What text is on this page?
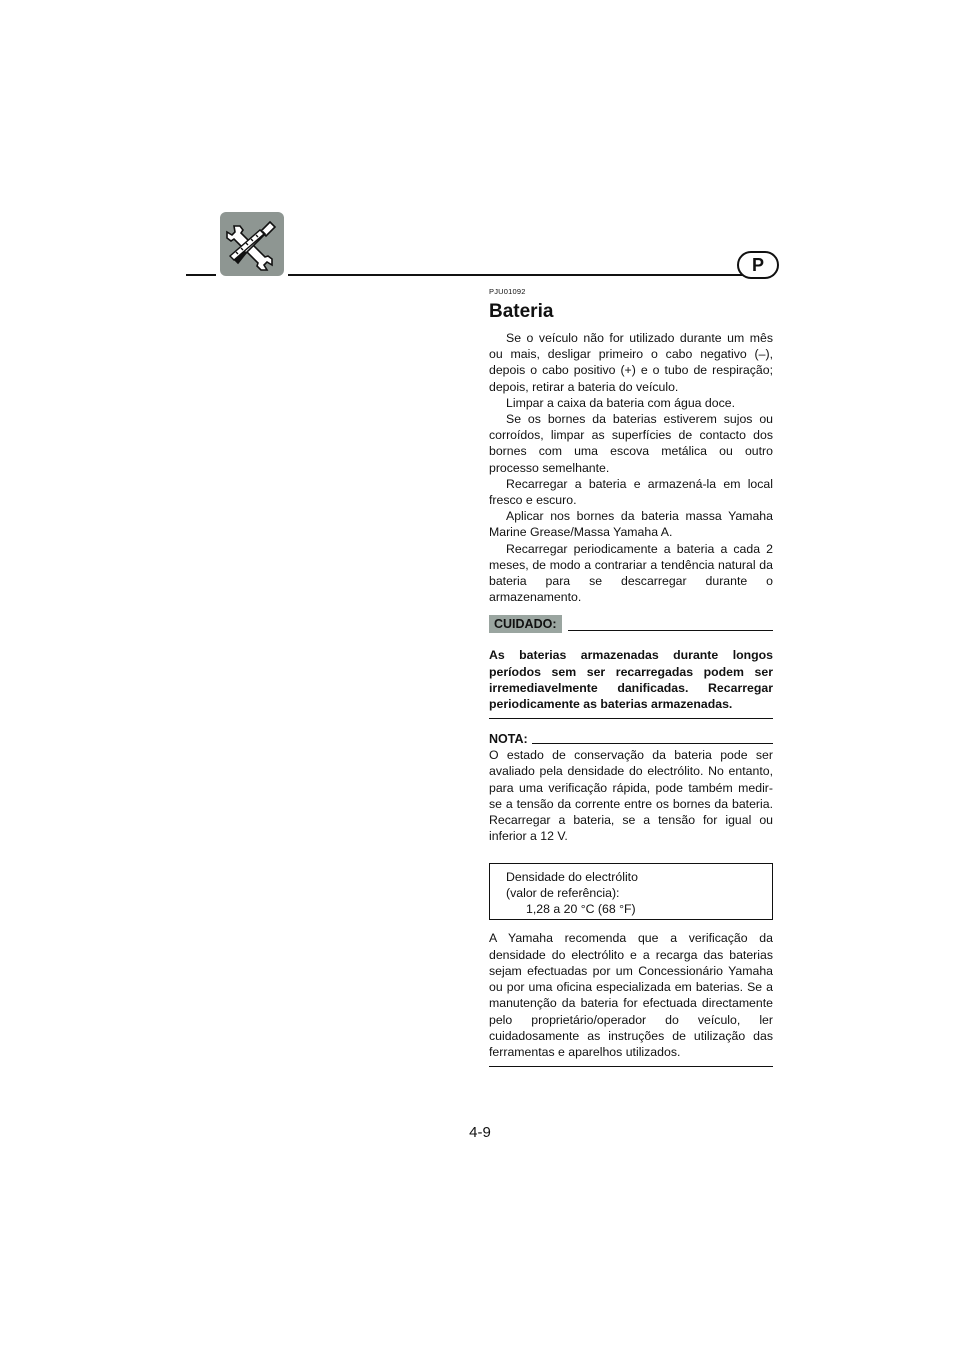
P
PJU01092
Bateria

Se o veículo não for utilizado durante um mês ou mais, desligar primeiro o cabo negativo (–), depois o cabo positivo (+) e o tubo de respiração; depois, retirar a bateria do veículo.

Limpar a caixa da bateria com água doce.

Se os bornes da baterias estiverem sujos ou corroídos, limpar as superfícies de contacto dos bornes com uma escova metálica ou outro processo semelhante.

Recarregar a bateria e armazená-la em local fresco e escuro.

Aplicar nos bornes da bateria massa Yamaha Marine Grease/Massa Yamaha A.

Recarregar periodicamente a bateria a cada 2 meses, de modo a contrariar a tendência natural da bateria para se descarregar durante o armazenamento.

CUIDADO:

As baterias armazenadas durante longos períodos sem ser recarregadas podem ser irremediavelmente danificadas. Recarregar periodicamente as baterias armazenadas.

NOTA:

O estado de conservação da bateria pode ser avaliado pela densidade do electrólito. No entanto, para uma verificação rápida, pode também medir-se a tensão da corrente entre os bornes da bateria. Recarregar a bateria, se a tensão for igual ou inferior a 12 V.

Densidade do electrólito
(valor de referência):
1,28 a 20 °C (68 °F)

A Yamaha recomenda que a verificação da densidade do electrólito e a recarga das baterias sejam efectuadas por um Concessionário Yamaha ou por uma oficina especializada em baterias. Se a manutenção da bateria for efectuada directamente pelo proprietário/operador do veículo, ler cuidadosamente as instruções de utilização das ferramentas e aparelhos utilizados.

4-9
